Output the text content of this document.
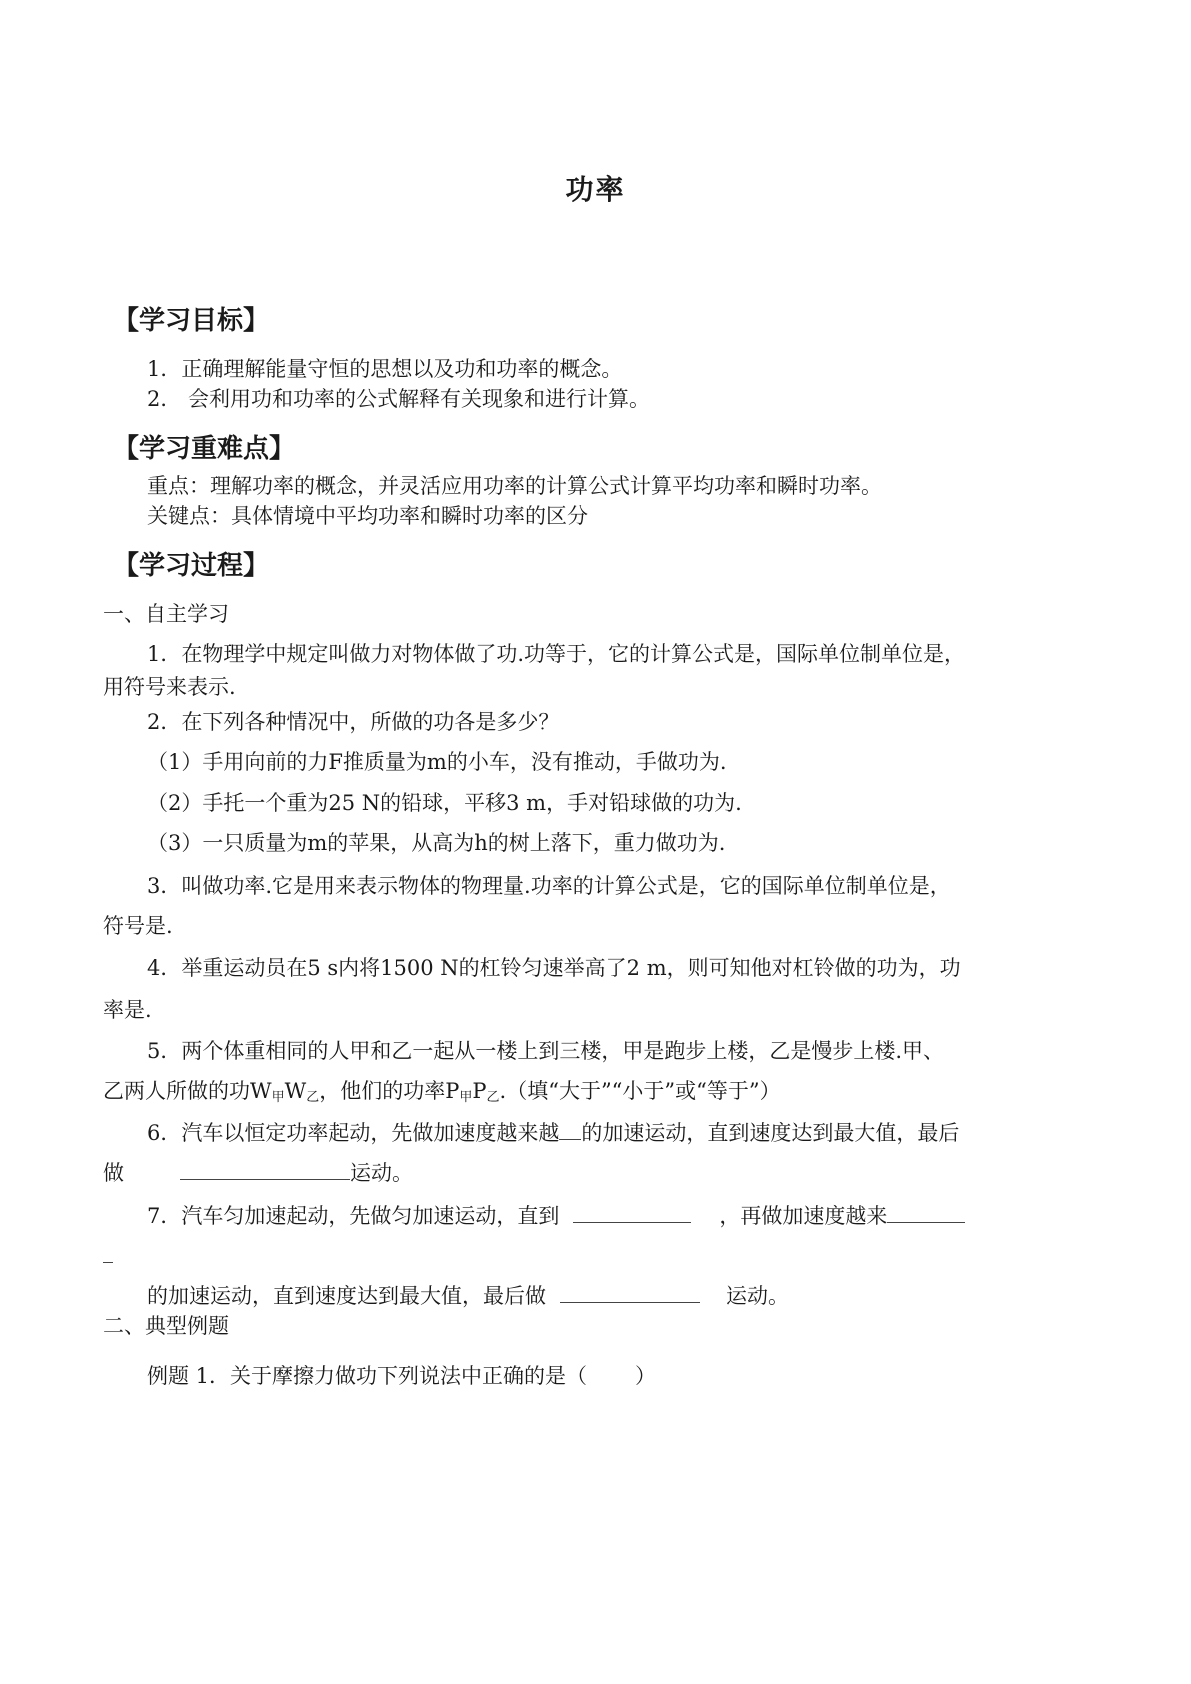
功率
【学习目标】
1．正确理解能量守恒的思想以及功和功率的概念。
2． 会利用功和功率的公式解释有关现象和进行计算。
【学习重难点】
重点：理解功率的概念，并灵活应用功率的计算公式计算平均功率和瞬时功率。
关键点：具体情境中平均功率和瞬时功率的区分
【学习过程】
一、自主学习
1．在物理学中规定叫做力对物体做了功.功等于，它的计算公式是，国际单位制单位是，
用符号来表示.
2．在下列各种情况中，所做的功各是多少？
（1）手用向前的力F推质量为m的小车，没有推动，手做功为.
（2）手托一个重为25 N的铅球，平移3 m，手对铅球做的功为.
（3）一只质量为m的苹果，从高为h的树上落下，重力做功为.
3．叫做功率.它是用来表示物体的物理量.功率的计算公式是，它的国际单位制单位是，
符号是.
4．举重运动员在5 s内将1500 N的杠铃匀速举高了2 m，则可知他对杠铃做的功为，功
率是.
5．两个体重相同的人甲和乙一起从一楼上到三楼，甲是跑步上楼，乙是慢步上楼.甲、
乙两人所做的功$W_甲W_乙$，他们的功率$P_甲P_乙$.（填“大于”“小于”或“等于”）
6．汽车以恒定功率起动，先做加速度越来越 的加速运动，直到速度达到最大值，最后
做	运动。
7．汽车匀加速起动，先做匀加速运动，直到	，再做加速度越来
的加速运动，直到速度达到最大值，最后做	运动。
二、典型例题
例题 1．关于摩擦力做功下列说法中正确的是（ ）
